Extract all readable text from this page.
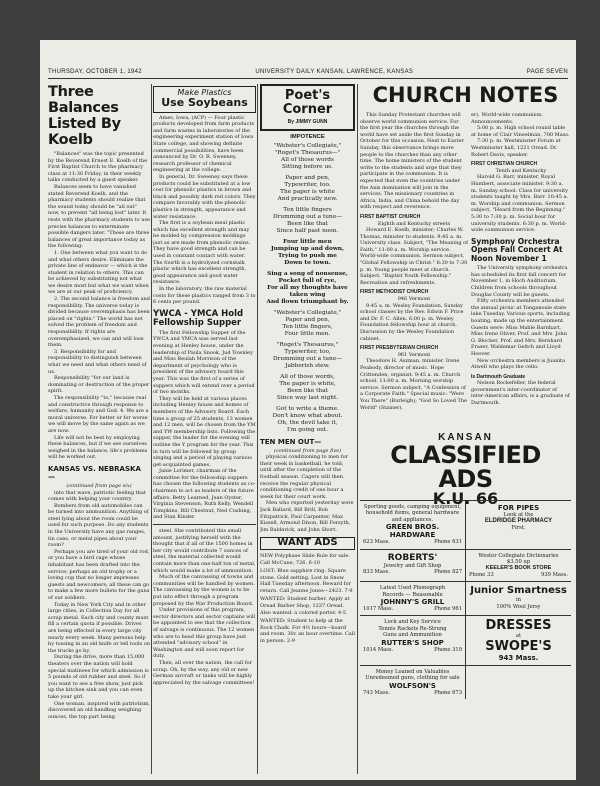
THURSDAY, OCTOBER 1, 1942	UNIVERSITY DAILY KANSAN, LAWRENCE, KANSAS	PAGE SEVEN
Three Balances Listed By Koelb

"Balances" was the topic presented by the Reverend Ernest E. Koelb of the First Baptist Church to the pharmacy class at 11:30 Friday, in their weekly talks conducted by a guest speaker.

Balances seem to have vanished stated Reverend Koelb, and the pharmacy students should realize that the sound today should be "all out" now, to prevent "all being lost" later. It rests with the pharmacy students to use precise balances to exterminate possible dangers later. "These are three balances of great importance today as the following:

1. One between what you want to do and what others desire. Eliminate the private line of endeavor — which is the student in relation to others. This can be achieved by substituting not what we desire most but what we want when we are at our peak of proficiency.

2. The second balance is freedom and responsibility. The universe today is divided because overemphasis has been placed on "rights." The world has not solved the problem of freedom and responsibility. If rights are overemphasized, we can and will lose them.

3. Responsibility for and responsibility to distinguish between what we need and what others need of us.

Responsibility "for our land is dominating or destruction of the proper spirit.

The responsibility "to," because real and constructive through response to welfare, humanity and God. 4. We are a moral universe. For better or for worse we will move by the same again as we are now.

Life will not be best by employing these balances, but if we see ourselves weighed in the balance, life's problems will be worked out.

KANSAS VS. NEBRASKA —

(continued from page six)

into that wave, patriotic feeling that comes with helping your country.

Bombers from old automobiles can be turned into ammunition. Anything of steel lying about the room could be used for such purpose. Do any students in the University have any gas ranges, tin cans, or metal pipes about your room?

Perhaps you are tired of your old rod, or you have a bird cage whose inhabitant has been drafted into the service; perhaps an old trophy or a loving cup that no longer impresses guests and newcomers; all these can go to make a few more bullets for the guns of our soldiers.

Today in New York City and in other large cities, in Collection Day for all scrap metal. Each city and county must fill a certain quota if possible. Drives are being effected in every large city nearly every week. Many persons help by tossing in an old knife or tell tools on the trucks go by.

During the drive, more than 15,000 theaters over the nation will hold special matinees for which admission is 5 pounds of old rubber and steel. So if you want to see a free show, just pick up the kitchen sink and you can even take your girl.

One woman, inspired with patriotism, discovered an old handbag weighing ounces, the top part being

Make Plastics
Use Soybeans

Ames, Iowa, (ACP) — Four plastic products developed from farm products and farm wastes in laboratories of the engineering experiment station of Iowa State college, and showing definite commercial possibilities, have been announced by Dr. O. R. Sweeney, research professor of chemical engineering at the college.

In general, Dr. Sweeney says these products could be substituted at a low cost for phenolic plastics in brown and black and possibly dark red colors. They compare favorably with the phenolic plastics in strength, appearance and water resistance.

The first is a soybean meal plastic which has excellent strength and may be molded by compression moldings just as are made from phenolic resins. They have good strength and can be used in constant contact with water. The fourth is a hydrolyzed cornstalk plastic which has excellent strength, good appearance and good water resistance.

In the laboratory, the raw material costs for these plastics ranged from 3 to 6 cents per pound.

YWCA - YMCA Hold Fellowship Supper

The first Fellowship Supper of the YWCA and YMCA was served last evening at Henley house, under the leadership of Paula Snook, Jud Townley and Miss Beulah Morrison of the department of psychology who is president of the advisory board this year. This was the first of a series of suppers which will extend over a period of two months.

They will be held at various places including Henley house and homes of members of the Advisory Board. Each time a group of 25 students, 13 women and 12 men, will be chosen from the YM and YW membership lists. Following the supper, the leader for the evening will outline the Y program for the year. This in turn will be followed by group singing and a period of playing various get-acquainted games.

Janie Lorimer, chairman of the committee for the fellowship suppers has chosen the following students as co-chairmen to act as leaders of the future affairs: Betty Learned, Jean Oyster, Virginia Stevenson, Ruth Kelly, Wendell Tompkins, Bill Chestnut, Ned Cushing, and Stan Kinder.

steel. She contributed this small amount, justifying herself with the thought that if all of the 1500 homes in her city would contribute 7 ounces of steel, the material collected would contain more than one-half ton of metal, which would make a lot of ammunition.

Much of the canvassing of towns and communities will be handled by women. The canvassing by the women is to be put into effect through a program proposed by the War Production Board.

Under provisions of this program, sector directors and sector captains will be appointed to see that the collection of salvage is continuous. The 12 women who are to head this group have just attended "advisory school" in Washington and will soon report for duty.

Then, all over the nation, the call for scrap. Oh, by the way, any old or new German aircraft or tanks will be highly appreciated by the salvage committees!

Poet's Corner
By JIMMY GUNN
IMPOTENCE
"Webster's Collegiate,"
"Roget's Thesaurus—"
All of those words
Sitting before us.
Paper and pen,
Typewriter, too.
The paper is white
And practically new.
Ten little fingers
Drumming out a tune—
Been like that
Since half past noon.
Four little men
Jumping up and down,
Trying to push me
Down to town.
Sing a song of nonsense,
Pocket full of rye,
For all my thoughts have
taken wing
And flown triumphant by.
"Webster's Collegiate,"
Paper and pen,
Ten little fingers,
Four little men.
"Roget's Thesaurus,"
Typewriter, too,
Drumming out a tune—
Jabberish stew.
All of those words,
The paper is white,
Been like that
Since way last night.
Got to write a theme.
Don't know what about.
Oh, the devil take it,
I'm going out.
TEN MEN OUT—

(continued from page five)

physical conditioning to men for their week in basketball, he told, until after the completion of the football season. Cagers will then receive the regular physical conditioning credit of one hour a week for their court work.

Men who reported yesterday were Jack Ballard, Bill Brill, Bob Fitzpatrick, Paul Carpenter, Max Kissell, Armond Dixon, Bill Forsyth, Jim Balderick, and John Short.

WANT ADS

NEW Polyphase Slide Rule for sale. Call McCune, 726. 6-10

LOST: Blue sapphire ring. Square stone. Gold setting. Lost in Snow Hall Tuesday afternoon. Reward for return. Call Jeanne Jones—2423. 7-9

WANTED: Student barber. Apply at Oread Barber Shop, 1237 Oread. Also wanted: a colored porter. 4-5

WANTED: Student to help at the Rock Chalk. For 4½ hours—board and room. 30c an hour overtime. Call in person. 2-9

CHURCH NOTES

This Sunday Protestant churches will observe world communion service. For the first year the churches through the world have set aside the first Sunday in October for this occasion. Next to Easter Sunday, this observance brings more people to the churches than any other time. The home ministers of the student write to the students and urge that they participate in the communion. It is expected that even the countries under the Axis domination will join in the services. The missionary countries in Africa, India, and China behold the day with respect and reverence.

FIRST BAPTIST CHURCH

Eighth and Kentucky streets

Howard E. Koelb, minister; Charles W. Thomas, minister to students. 9:45 a. m. University class. Subject, "The Meaning of Faith." 11:00 a. m. Worship service. World-wide communion. Sermon subject, "Global Fellowship in Christ." 6:30 to 7:30 p. m. Young people meet at church. Subject, "Baptist Youth Fellowship." Recreation and refreshments.

FIRST METHODIST CHURCH

946 Vermont

9:45 a. m. Wesley Foundation. Sunday school classes by the Rev. Edwin F. Price and Dr. F. C. Allen. 6:00 p. m. Wesley Foundation fellowship hour at church. Discussion by the Wesley Foundation cabinet.

FIRST PRESBYTERIAN CHURCH

961 Vermont

Theodore H. Aszman, minister. Irene Peabody, director of music. Hope Crittenden, organist. 9:45 a. m. Church school. 11:00 a. m. Morning worship service. Sermon subject, "A Confession of a Corporate Faith." Special music: "Were You There" (Burleigh); "God So Loved The World" (Stainer).

er). World-wide communion. Announcements.

5:00 p. m. High school round table at home of Clair Vineelman, 700 Mass.

7:30 p. m. Westminster Forum at Westminster hall, 1221 Oread. Dr. Robert Davis, speaker.

FIRST CHRISTIAN CHURCH

Tenth and Kentucky

Harold G. Barr, minister, Royal Humbert, associate minister. 9:30 a. m. Sunday school. Class for university students taught by Mrs. Barr. 10:45 a. m. Worship and communion. Sermon subject, "Heard from the Beginning." 5:30 to 7:30 p. m. Social hour for university students. 6:30 p. m. World-wide communion service.

Symphony Orchestra Opens Fall Concert At Noon November 1

The University symphony orchestra has scheduled its first fall concert for November 1, in Hoch Auditorium. Children from schools throughout Douglas County will be guests.

Fifty orchestra members attended the annual picnic at Tonganoxie state lake Tuesday. Various sports, including boating, made up the entertainment. Guests were: Miss Mable Barnhart, Miss Irene Oliver, Prof. and Mrs. John G. Blocher, Prof. and Mrs. Bernhard Fraser, Waldemar Geltch and Lloyd Hoover.

New orchestra members is Juanita Atwell who plays the cello.

Is Dartmouth Graduate

Nelson Rockefeller, the federal government's inter-coordinator of inter-American affairs, is a graduate of Dartmouth.

KANSAN
CLASSIFIED ADS
K.U. 66
Sporting goods, camping equipment, household items, general hardware and appliances.
GREEN BROS. HARDWARE
623 Mass.	Phone 631
FOR PIPES
Look at the
ELDRIDGE PHARMACY
First.
ROBERTS'
Jewelry and Gift Shop
833 Mass.	Phone 827
Wester Collegiate Dictionaries
$3.50 up
KEELER'S BOOK STORE
Phone 33	939 Mass.
Latest Used Phonograph
Records — Reasonable
JOHNNY'S GRILL
1017 Mass.	Phone 961
Junior Smartness
in
100% Wool Jersy
Lock and Key Service
Tennis Rackets Re-Strung
Guns and Ammunition
RUTTER'S SHOP
1014 Mass.	Phone 319
DRESSES
at
SWOPE'S
943 Mass.
Money Loaned on Valuables
Unredeemed guns, clothing for sale
WOLFSON'S
743 Mass.	Phone 673
